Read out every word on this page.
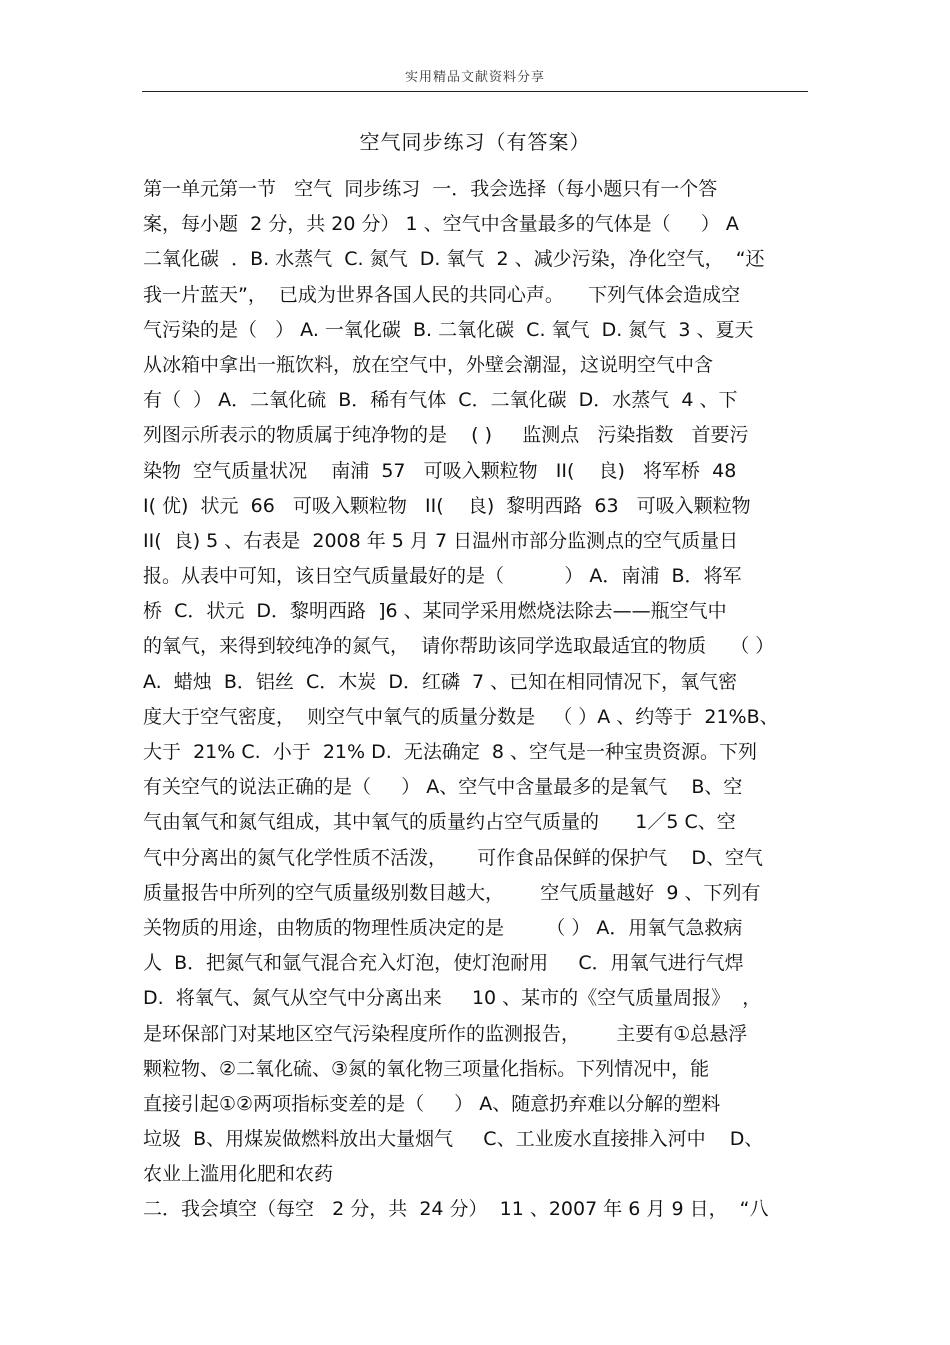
实用精品文献资料分享
空气同步练习（有答案）
第一单元第一节   空气  同步练习  一．我会选择（每小题只有一个答
案，每小题  2 分，共 20 分） 1 、空气中含量最多的气体是（     ） A
二氧化碳  ．B. 水蒸气  C. 氮气  D. 氧气  2 、减少污染，净化空气，  “还
我一片蓝天”，  已成为世界各国人民的共同心声。    下列气体会造成空
气污染的是（   ） A. 一氧化碳  B. 二氧化碳  C. 氧气  D. 氮气  3 、夏天
从冰箱中拿出一瓶饮料，放在空气中，外壁会潮湿，这说明空气中含
有（  ） A．二氧化硫  B．稀有气体  C．二氧化碳  D．水蒸气  4 、下
列图示所表示的物质属于纯净物的是    ( )     监测点   污染指数   首要污
染物  空气质量状况    南浦  57   可吸入颗粒物   II(    良)   将军桥  48
I( 优)  状元  66   可吸入颗粒物   II(    良)  黎明西路  63   可吸入颗粒物
II(  良) 5 、右表是  2008 年 5 月 7 日温州市部分监测点的空气质量日
报。从表中可知，该日空气质量最好的是（          ） A．南浦  B．将军
桥  C．状元  D．黎明西路  ]6 、某同学采用燃烧法除去——瓶空气中
的氧气，来得到较纯净的氮气，  请你帮助该同学选取最适宜的物质    （ ）
A.  蜡烛  B．铝丝  C．木炭  D．红磷  7 、已知在相同情况下，氧气密
度大于空气密度，  则空气中氧气的质量分数是   （ ）A 、约等于  21%B、
大于  21% C.  小于  21% D.  无法确定  8 、空气是一种宝贵资源。下列
有关空气的说法正确的是（     ） A、空气中含量最多的是氧气    B、空
气由氧气和氮气组成，其中氧气的质量约占空气质量的      1／5 C、空
气中分离出的氮气化学性质不活泼，     可作食品保鲜的保护气    D、空气
质量报告中所列的空气质量级别数目越大，      空气质量越好  9 、下列有
关物质的用途，由物质的物理性质决定的是       （ ） A．用氧气急救病
人  B．把氮气和氩气混合充入灯泡，使灯泡耐用     C．用氧气进行气焊
D.  将氧气、氮气从空气中分离出来     10 、某市的《空气质量周报》  ，
是环保部门对某地区空气污染程度所作的监测报告，      主要有①总悬浮
颗粒物、②二氧化硫、③氮的氧化物三项量化指标。下列情况中，能
直接引起①②两项指标变差的是（     ） A、随意扔弃难以分解的塑料
垃圾  B、用煤炭做燃料放出大量烟气     C、工业废水直接排入河中    D、
农业上滥用化肥和农药
二．我会填空（每空   2 分，共  24 分）  11 、2007 年 6 月 9 日，  “八
